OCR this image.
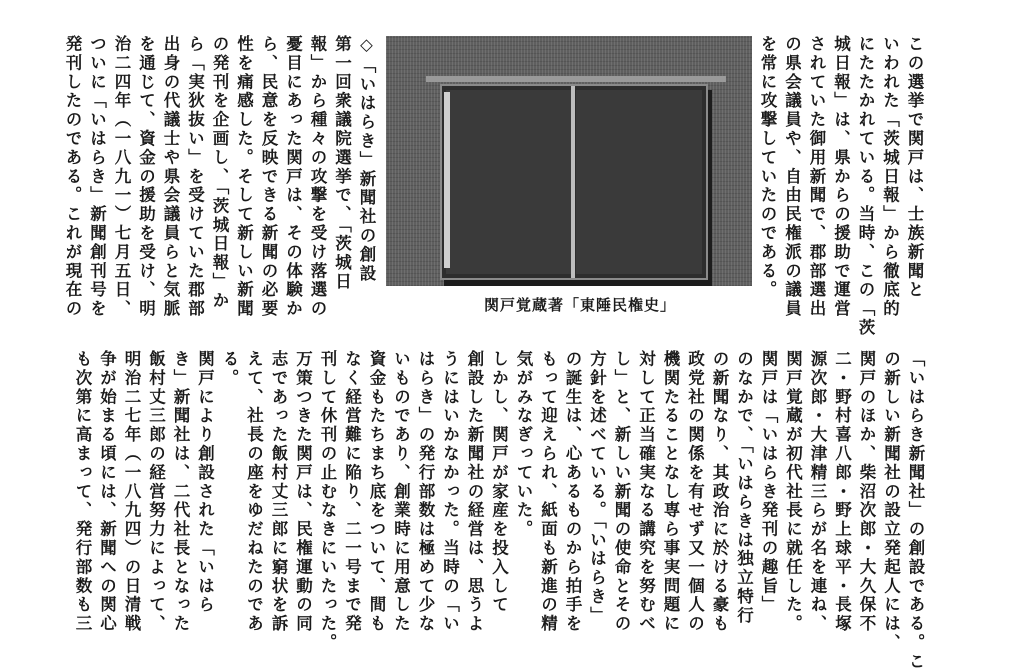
この選挙で関戸は、士族新聞と

いわれた「茨城日報」から徹底的

にたたかれている。当時、この「茨

城日報」は、県からの援助で運営

されていた御用新聞で、郡部選出

の県会議員や、自由民権派の議員

を常に攻撃していたのである。

関戸覚蔵著「東陲民権史」

◇「いはらき」新聞社の創設

第一回衆議院選挙で、「茨城日

報」から種々の攻撃を受け落選の

憂目にあった関戸は、その体験か

ら、民意を反映できる新聞の必要

性を痛感した。そして新しい新聞

の発刊を企画し、「茨城日報」か

ら「実狄抜い」を受けていた郡部

出身の代議士や県会議員らと気脈

を通じて、資金の援助を受け、明

治二四年（一八九一）七月五日、

ついに「いはらき」新聞創刊号を

発刊したのである。これが現在の

「いはらき新聞社」の創設である。こ

の新しい新聞社の設立発起人には、

関戸のほか、柴沼次郎・大久保不

二・野村喜八郎・野上球平・長塚

源次郎・大津精三らが名を連ね、

関戸覚蔵が初代社長に就任した。

関戸は「いはらき発刊の趣旨」

のなかで、「いはらきは独立特行

の新聞なり、其政治に於ける豪も

政党社の関係を有せず又一個人の

機関たることなし専ら事実問題に

対して正当確実なる講究を努むべ

し」と、新しい新聞の使命とその

方針を述べている。「いはらき」

の誕生は、心あるものから拍手を

もって迎えられ、紙面も新進の精

気がみなぎっていた。

しかし、関戸が家産を投入して

創設した新聞社の経営は、思うよ

うにはいかなかった。当時の「い

はらき」の発行部数は極めて少な

いものであり、創業時に用意した

資金もたちまち底をついて、間も

なく経営難に陥り、二一号まで発

刊して休刊の止むなきにいたった。

万策つきた関戸は、民権運動の同

志であった飯村丈三郎に窮状を訴

えて、社長の座をゆだねたのであ

る。

関戸により創設された「いはら

き」新聞社は、二代社長となった

飯村丈三郎の経営努力によって、

明治二七年（一八九四）の日清戦

争が始まる頃には、新聞への関心

も次第に高まって、発行部数も三
